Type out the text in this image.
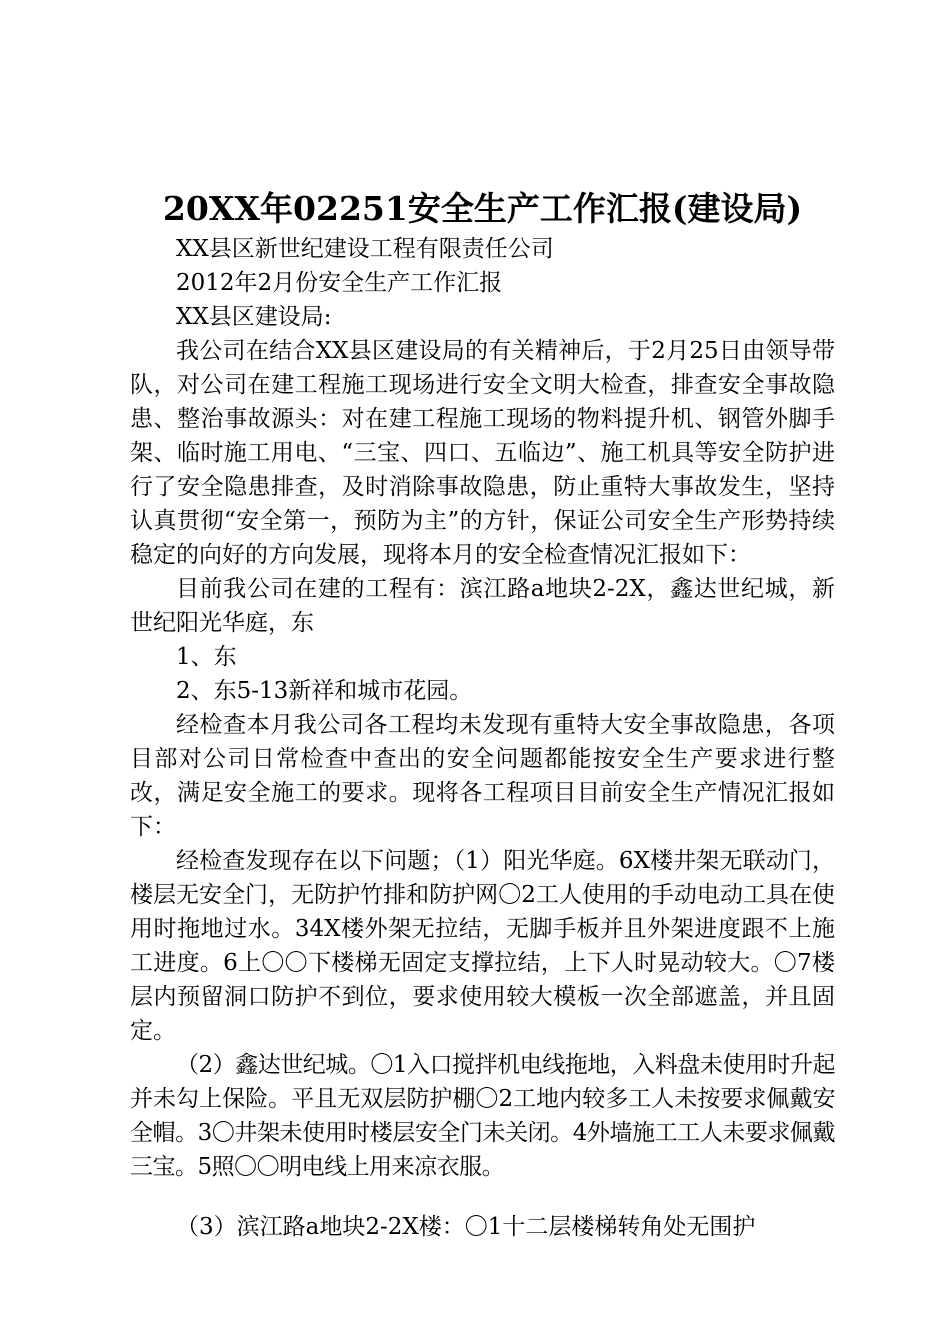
20XX年02251安全生产工作汇报(建设局)

XX县区新世纪建设工程有限责任公司

2012年2月份安全生产工作汇报

XX县区建设局:

我公司在结合XX县区建设局的有关精神后，于2月25日由领导带队，对公司在建工程施工现场进行安全文明大检查，排查安全事故隐患、整治事故源头：对在建工程施工现场的物料提升机、钢管外脚手架、临时施工用电、“三宝、四口、五临边”、施工机具等安全防护进行了安全隐患排查，及时消除事故隐患，防止重特大事故发生，坚持认真贯彻“安全第一，预防为主”的方针，保证公司安全生产形势持续稳定的向好的方向发展，现将本月的安全检查情况汇报如下：

目前我公司在建的工程有：滨江路a地块2-2X，鑫达世纪城，新世纪阳光华庭，东

1、东

2、东5-13新祥和城市花园。

经检查本月我公司各工程均未发现有重特大安全事故隐患，各项目部对公司日常检查中查出的安全问题都能按安全生产要求进行整改，满足安全施工的要求。现将各工程项目目前安全生产情况汇报如下：

经检查发现存在以下问题；（1）阳光华庭。6X楼井架无联动门，楼层无安全门，无防护竹排和防护网〇2工人使用的手动电动工具在使用时拖地过水。34X楼外架无拉结，无脚手板并且外架进度跟不上施工进度。6上〇〇下楼梯无固定支撑拉结，上下人时晃动较大。〇7楼层内预留洞口防护不到位，要求使用较大模板一次全部遮盖，并且固定。

（2）鑫达世纪城。〇1入口搅拌机电线拖地，入料盘未使用时升起并未勾上保险。平且无双层防护棚〇2工地内较多工人未按要求佩戴安全帽。3〇井架未使用时楼层安全门未关闭。4外墙施工工人未要求佩戴三宝。5照〇〇明电线上用来凉衣服。

（3）滨江路a地块2-2X楼：〇1十二层楼梯转角处无围护
